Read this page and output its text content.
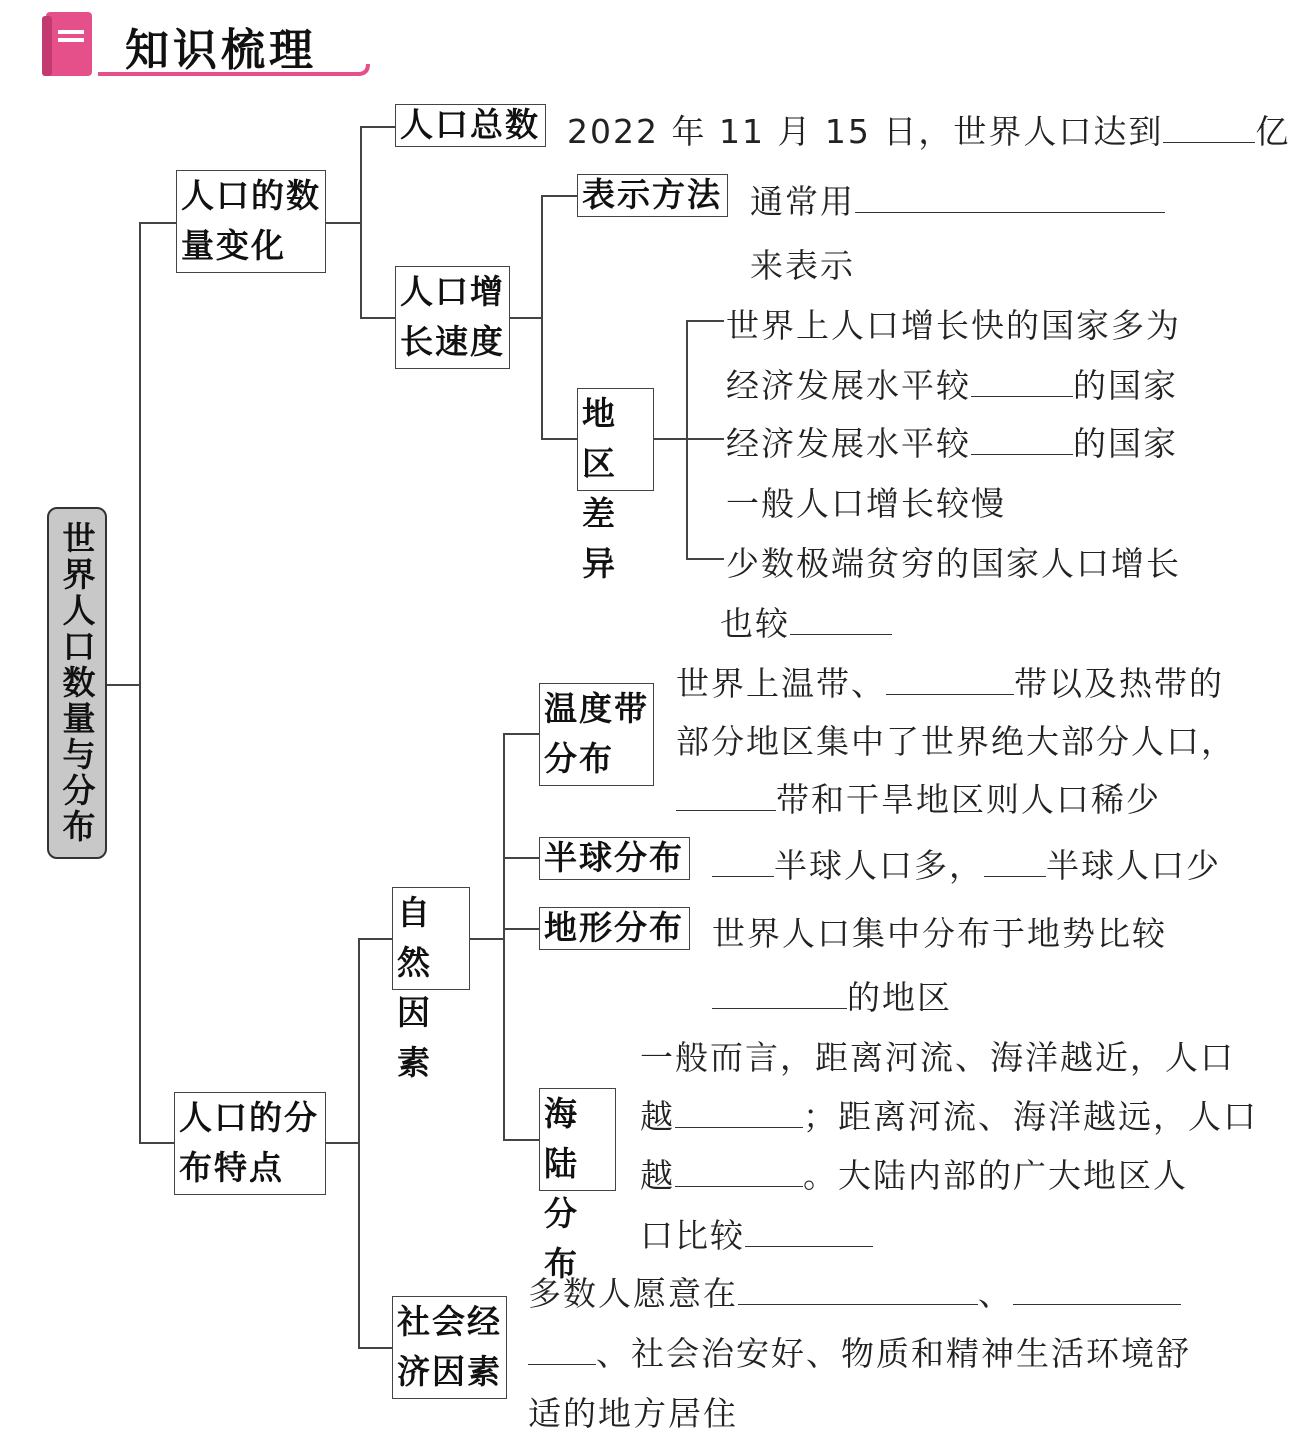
知识梳理
世界人口数量与分布
人口的数
量变化
人口总数 2022 年 11 月 15 日，世界人口达到	亿
人口增
长速度
表示方法 通常用
来表示
地区
差异
世界上人口增长快的国家多为
经济发展水平较	的国家
经济发展水平较	的国家
一般人口增长较慢
少数极端贫穷的国家人口增长
也较
人口的分
布特点
自然
因素
温度带
分布
世界上温带、	带以及热带的
部分地区集中了世界绝大部分人口，
带和干旱地区则人口稀少
半球分布	半球人口多， 半球人口少
地形分布 世界人口集中分布于地势比较
的地区
海陆
分布
一般而言，距离河流、海洋越近，人口
越	；距离河流、海洋越远，人口
越	。大陆内部的广大地区人
口比较
社会经
济因素
多数人愿意在	、
、社会治安好、物质和精神生活环境舒
适的地方居住
